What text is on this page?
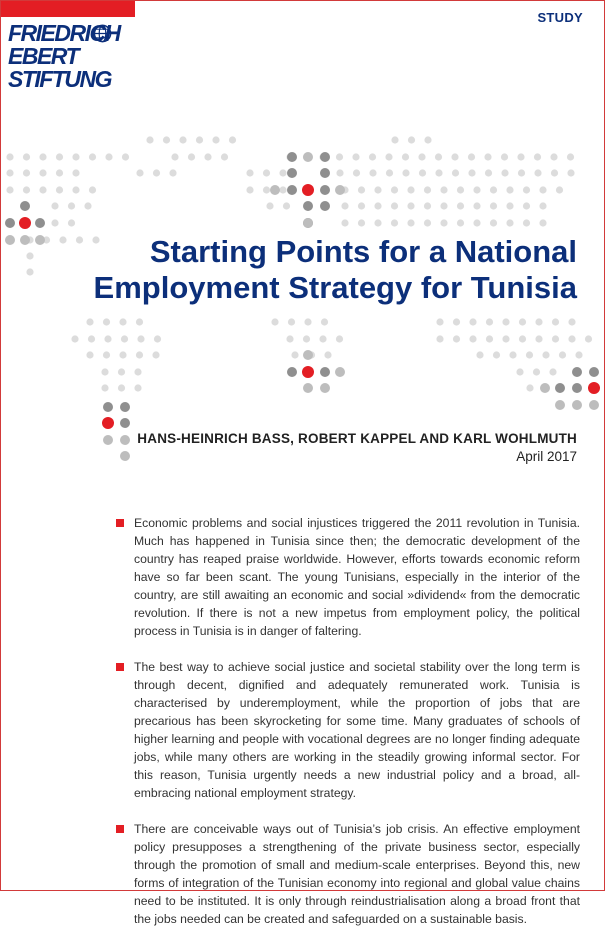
FRIEDRICH
EBERT
STIFTUNG
STUDY
Starting Points for a National
Employment Strategy for Tunisia
HANS-HEINRICH BASS, ROBERT KAPPEL AND KARL WOHLMUTH
April 2017

Economic problems and social injustices triggered the 2011 revolution in Tunisia. Much has happened in Tunisia since then; the democratic development of the country has reaped praise worldwide. However, efforts towards economic reform have so far been scant. The young Tunisians, especially in the interior of the country, are still awaiting an economic and social »dividend« from the democratic revolution. If there is not a new impetus from employment policy, the political process in Tunisia is in danger of faltering.

The best way to achieve social justice and societal stability over the long term is through decent, dignified and adequately remunerated work. Tunisia is characterised by underemployment, while the proportion of jobs that are precarious has been skyrocketing for some time. Many graduates of schools of higher learning and people with vocational degrees are no longer finding adequate jobs, while many others are working in the steadily growing informal sector. For this reason, Tunisia urgently needs a new industrial policy and a broad, all-embracing national employment strategy.

There are conceivable ways out of Tunisia’s job crisis. An effective employment policy presupposes a strengthening of the private business sector, especially through the promotion of small and medium-scale enterprises. Beyond this, new forms of integration of the Tunisian economy into regional and global value chains need to be instituted. It is only through reindustrialisation along a broad front that the jobs needed can be created and safeguarded on a sustainable basis.
